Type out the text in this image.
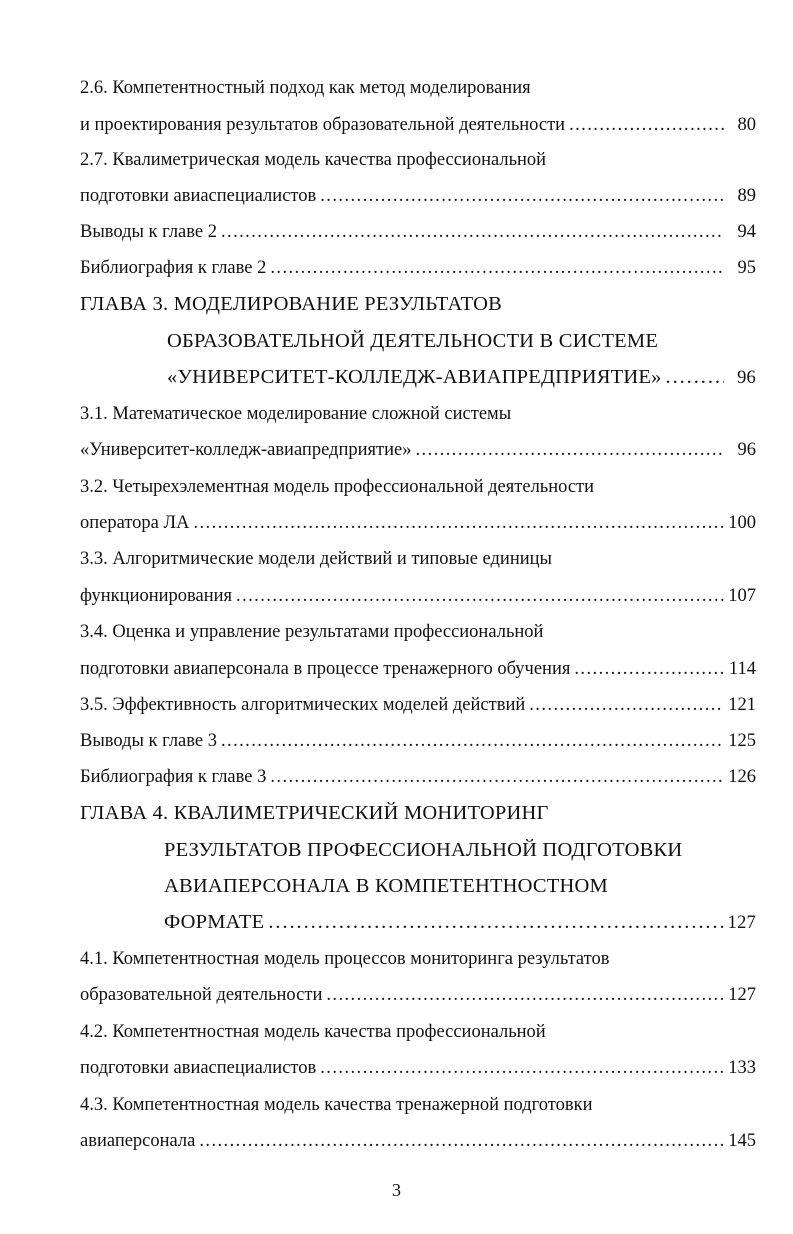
2.6. Компетентностный подход как метод моделирования
и проектирования результатов образовательной деятельности . . .	80
2.7. Квалиметрическая модель качества профессиональной
подготовки авиаспециалистов . . .	89
Выводы к главе 2 . . .	94
Библиография к главе 2 . . .	95
ГЛАВА 3. МОДЕЛИРОВАНИЕ РЕЗУЛЬТАТОВ
ОБРАЗОВАТЕЛЬНОЙ ДЕЯТЕЛЬНОСТИ В СИСТЕМЕ
«УНИВЕРСИТЕТ-КОЛЛЕДЖ-АВИАПРЕДПРИЯТИЕ» . . .	96
3.1. Математическое моделирование сложной системы
«Университет-колледж-авиапредприятие» . . .	96
3.2. Четырехэлементная модель профессиональной деятельности
оператора ЛА . . .	100
3.3. Алгоритмические модели действий и типовые единицы
функционирования . . .	107
3.4. Оценка и управление результатами профессиональной
подготовки авиаперсонала в процессе тренажерного обучения . . .	114
3.5. Эффективность алгоритмических моделей действий . . .	121
Выводы к главе 3 . . .	125
Библиография к главе 3 . . .	126
ГЛАВА 4. КВАЛИМЕТРИЧЕСКИЙ МОНИТОРИНГ
РЕЗУЛЬТАТОВ ПРОФЕССИОНАЛЬНОЙ ПОДГОТОВКИ
АВИАПЕРСОНАЛА В КОМПЕТЕНТНОСТНОМ
ФОРМАТЕ . . .	127
4.1. Компетентностная модель процессов мониторинга результатов
образовательной деятельности . . .	127
4.2. Компетентностная модель качества профессиональной
подготовки авиаспециалистов . . .	133
4.3. Компетентностная модель качества тренажерной подготовки
авиаперсонала . . .	145
3
